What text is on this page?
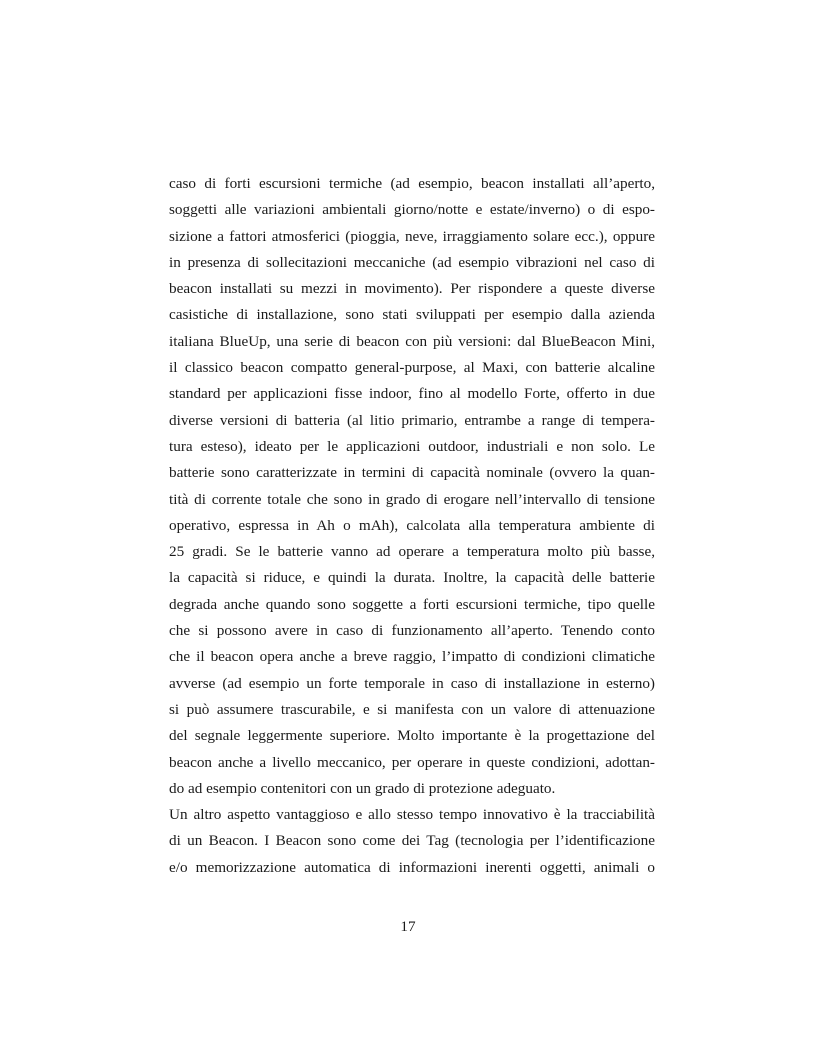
caso di forti escursioni termiche (ad esempio, beacon installati all’aperto,
soggetti alle variazioni ambientali giorno/notte e estate/inverno) o di espo-
sizione a fattori atmosferici (pioggia, neve, irraggiamento solare ecc.), oppure
in presenza di sollecitazioni meccaniche (ad esempio vibrazioni nel caso di
beacon installati su mezzi in movimento). Per rispondere a queste diverse
casistiche di installazione, sono stati sviluppati per esempio dalla azienda
italiana BlueUp, una serie di beacon con più versioni: dal BlueBeacon Mini,
il classico beacon compatto general-purpose, al Maxi, con batterie alcaline
standard per applicazioni fisse indoor, fino al modello Forte, offerto in due
diverse versioni di batteria (al litio primario, entrambe a range di tempera-
tura esteso), ideato per le applicazioni outdoor, industriali e non solo. Le
batterie sono caratterizzate in termini di capacità nominale (ovvero la quan-
tità di corrente totale che sono in grado di erogare nell’intervallo di tensione
operativo, espressa in Ah o mAh), calcolata alla temperatura ambiente di
25 gradi. Se le batterie vanno ad operare a temperatura molto più basse,
la capacità si riduce, e quindi la durata. Inoltre, la capacità delle batterie
degrada anche quando sono soggette a forti escursioni termiche, tipo quelle
che si possono avere in caso di funzionamento all’aperto. Tenendo conto
che il beacon opera anche a breve raggio, l’impatto di condizioni climatiche
avverse (ad esempio un forte temporale in caso di installazione in esterno)
si può assumere trascurabile, e si manifesta con un valore di attenuazione
del segnale leggermente superiore. Molto importante è la progettazione del
beacon anche a livello meccanico, per operare in queste condizioni, adottan-
do ad esempio contenitori con un grado di protezione adeguato.
Un altro aspetto vantaggioso e allo stesso tempo innovativo è la tracciabilità
di un Beacon. I Beacon sono come dei Tag (tecnologia per l’identificazione
e/o memorizzazione automatica di informazioni inerenti oggetti, animali o
17
